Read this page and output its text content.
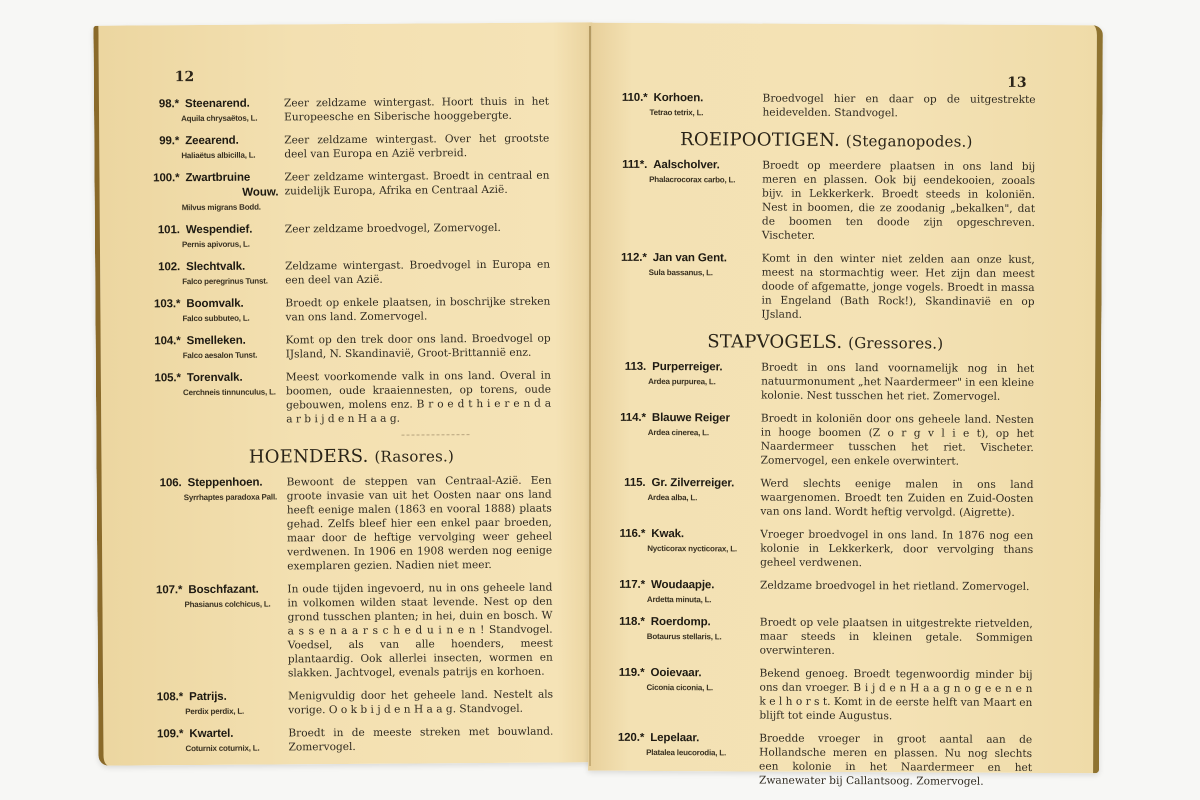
12
98.* Steenarend.
Aquila chrysaëtos, L.
Zeer zeldzame wintergast. Hoort thuis in het Europeesche en Siberische hooggebergte.
99.* Zeearend.
Haliaëtus albicilla, L.
Zeer zeldzame wintergast. Over het grootste deel van Europa en Azië verbreid.
100.* Zwartbruine
Wouw.
Milvus migrans Bodd.
Zeer zeldzame wintergast. Broedt in centraal en zuidelijk Europa, Afrika en Centraal Azië.
101. Wespendief.
Pernis apivorus, L.
Zeer zeldzame broedvogel, Zomervogel.
102. Slechtvalk.
Falco peregrinus Tunst.
Zeldzame wintergast. Broedvogel in Europa en een deel van Azië.
103.* Boomvalk.
Falco subbuteo, L.
Broedt op enkele plaatsen, in boschrijke streken van ons land. Zomervogel.
104.* Smelleken.
Falco aesalon Tunst.
Komt op den trek door ons land. Broedvogel op IJsland, N. Skandinavië, Groot-Brittannië enz.
105.* Torenvalk.
Cerchneis tinnunculus, L.
Meest voorkomende valk in ons land. Overal in boomen, oude kraaiennesten, op torens, oude gebouwen, molens enz. B r o e d t h i e r e n d a a r b i j d e n H a a g.
HOENDERS. (Rasores.)
106. Steppenhoen.
Syrrhaptes paradoxa Pall.
Bewoont de steppen van Centraal-Azië. Een groote invasie van uit het Oosten naar ons land heeft eenige malen (1863 en vooral 1888) plaats gehad. Zelfs bleef hier een enkel paar broeden, maar door de heftige vervolging weer geheel verdwenen. In 1906 en 1908 werden nog eenige exemplaren gezien. Nadien niet meer.
107.* Boschfazant.
Phasianus colchicus, L.
In oude tijden ingevoerd, nu in ons geheele land in volkomen wilden staat levende. Nest op den grond tusschen planten; in hei, duin en bosch. W a s s e n a a r s c h e d u i n e n ! Standvogel. Voedsel, als van alle hoenders, meest plantaardig. Ook allerlei insecten, wormen en slakken. Jachtvogel, evenals patrijs en korhoen.
108.* Patrijs.
Perdix perdix, L.
Menigvuldig door het geheele land. Nestelt als vorige. O o k b i j d e n H a a g. Standvogel.
109.* Kwartel.
Coturnix coturnix, L.
Broedt in de meeste streken met bouwland. Zomervogel.
13
110.* Korhoen.
Tetrao tetrix, L.
Broedvogel hier en daar op de uitgestrekte heidevelden. Standvogel.
ROEIPOOTIGEN. (Steganopodes.)
111*. Aalscholver.
Phalacrocorax carbo, L.
Broedt op meerdere plaatsen in ons land bij meren en plassen. Ook bij eendekooien, zooals bijv. in Lekkerkerk. Broedt steeds in koloniën. Nest in boomen, die ze zoodanig „bekalken", dat de boomen ten doode zijn opgeschreven. Vischeter.
112.* Jan van Gent.
Sula bassanus, L.
Komt in den winter niet zelden aan onze kust, meest na stormachtig weer. Het zijn dan meest doode of afgematte, jonge vogels. Broedt in massa in Engeland (Bath Rock!), Skandinavië en op IJsland.
STAPVOGELS. (Gressores.)
113. Purperreiger.
Ardea purpurea, L.
Broedt in ons land voornamelijk nog in het natuurmonument „het Naardermeer" in een kleine kolonie. Nest tusschen het riet. Zomervogel.
114.* Blauwe Reiger
Ardea cinerea, L.
Broedt in koloniën door ons geheele land. Nesten in hooge boomen (Z o r g v l i e t), op het Naardermeer tusschen het riet. Vischeter. Zomervogel, een enkele overwintert.
115. Gr. Zilverreiger.
Ardea alba, L.
Werd slechts eenige malen in ons land waargenomen. Broedt ten Zuiden en Zuid-Oosten van ons land. Wordt heftig vervolgd. (Aigrette).
116.* Kwak.
Nycticorax nycticorax, L.
Vroeger broedvogel in ons land. In 1876 nog een kolonie in Lekkerkerk, door vervolging thans geheel verdwenen.
117.* Woudaapje.
Ardetta minuta, L.
Zeldzame broedvogel in het rietland. Zomervogel.
118.* Roerdomp.
Botaurus stellaris, L.
Broedt op vele plaatsen in uitgestrekte rietvelden, maar steeds in kleinen getale. Sommigen overwinteren.
119.* Ooievaar.
Ciconia ciconia, L.
Bekend genoeg. Broedt tegenwoordig minder bij ons dan vroeger. B i j d e n H a a g n o g e e n e n k e l h o r s t. Komt in de eerste helft van Maart en blijft tot einde Augustus.
120.* Lepelaar.
Platalea leucorodia, L.
Broedde vroeger in groot aantal aan de Hollandsche meren en plassen. Nu nog slechts een kolonie in het Naardermeer en het Zwanewater bij Callantsoog. Zomervogel.
